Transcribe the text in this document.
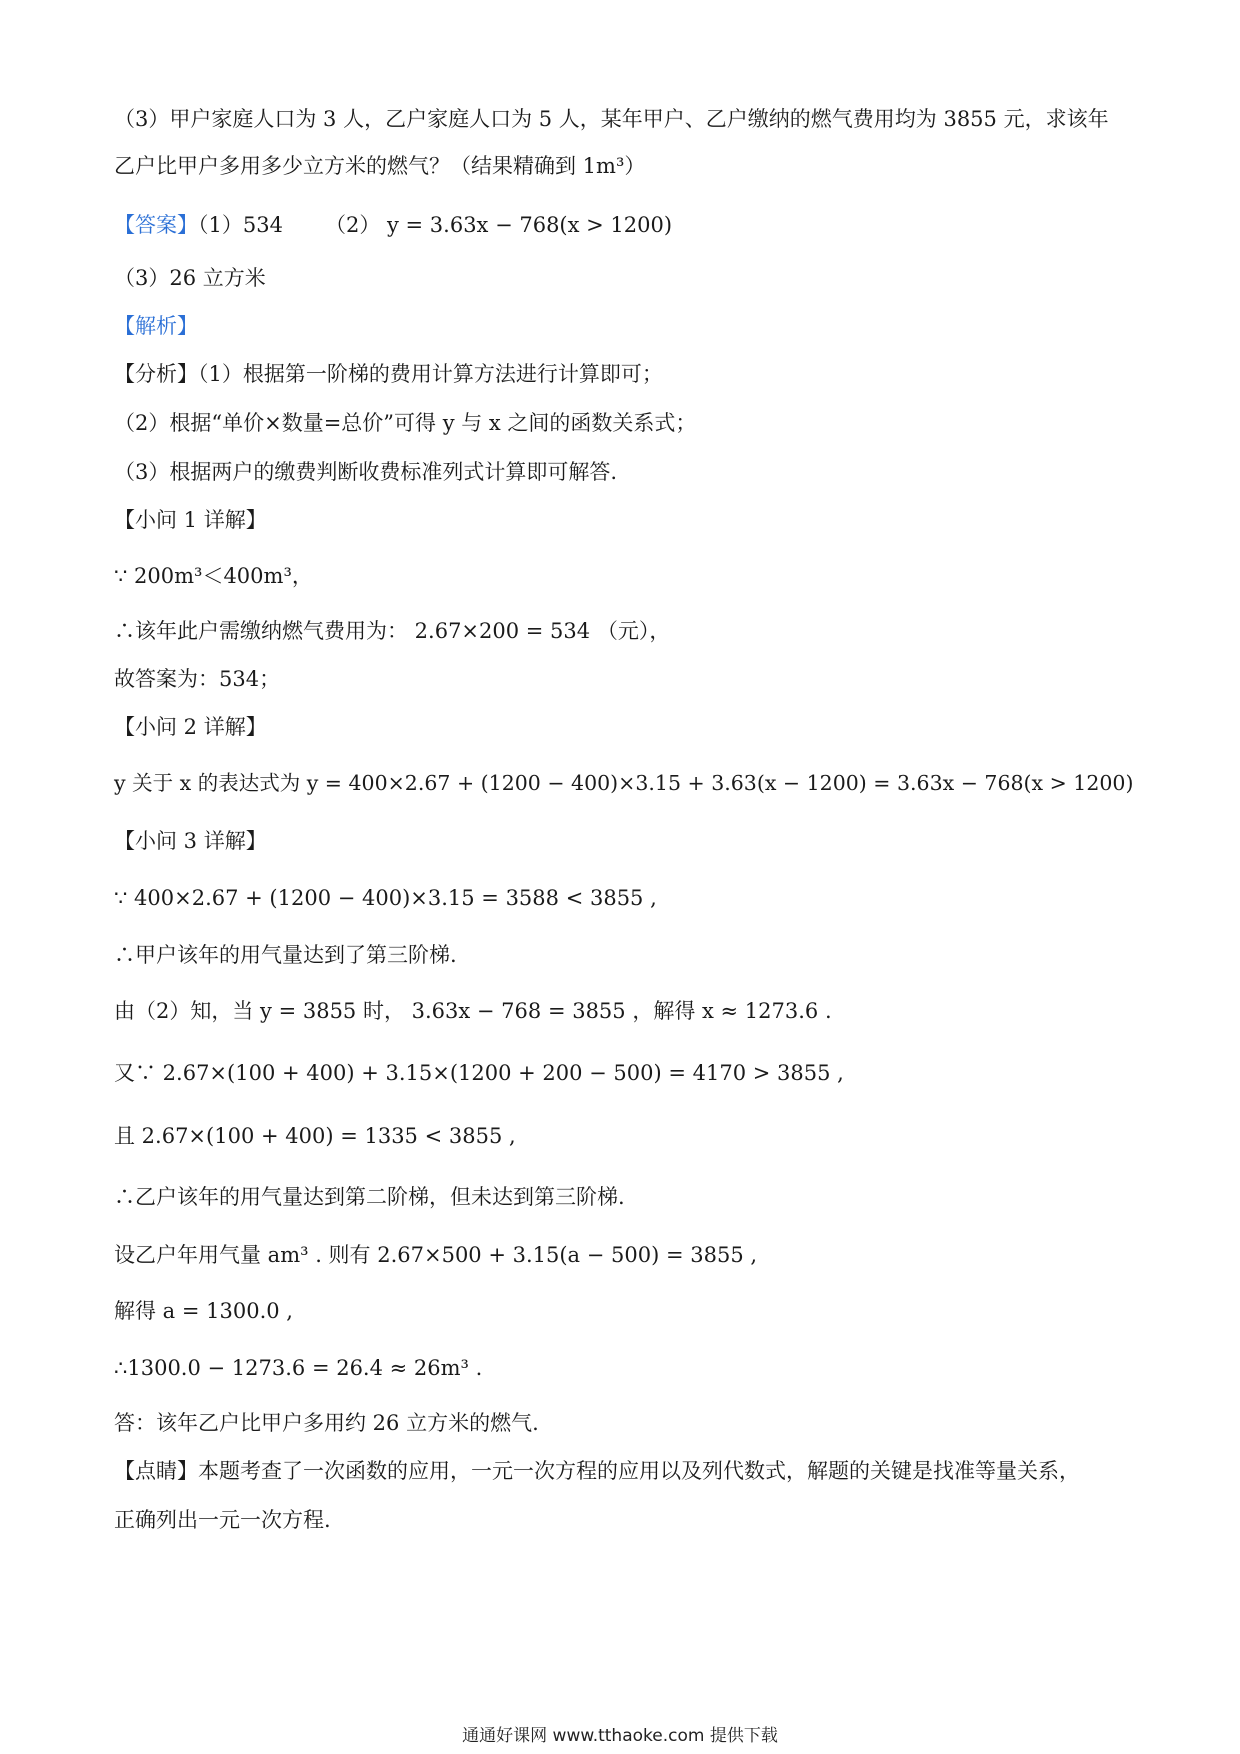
（3）甲户家庭人口为 3 人，乙户家庭人口为 5 人，某年甲户、乙户缴纳的燃气费用均为 3855 元，求该年
乙户比甲户多用多少立方米的燃气？（结果精确到 1m³）
【答案】（1）534 （2） y = 3.63x − 768(x > 1200)
（3）26 立方米
【解析】
【分析】（1）根据第一阶梯的费用计算方法进行计算即可；
（2）根据“单价×数量=总价”可得 y 与 x 之间的函数关系式；
（3）根据两户的缴费判断收费标准列式计算即可解答.
【小问 1 详解】
∵ 200m³＜400m³，
∴该年此户需缴纳燃气费用为： 2.67×200 = 534 （元），
故答案为：534；
【小问 2 详解】
y 关于 x 的表达式为 y = 400×2.67 + (1200 − 400)×3.15 + 3.63(x − 1200) = 3.63x − 768(x > 1200)
【小问 3 详解】
∵ 400×2.67 + (1200 − 400)×3.15 = 3588 < 3855 ,
∴甲户该年的用气量达到了第三阶梯.
由（2）知，当 y = 3855 时， 3.63x − 768 = 3855 ，解得 x ≈ 1273.6 .
又∵ 2.67×(100 + 400) + 3.15×(1200 + 200 − 500) = 4170 > 3855 ,
且 2.67×(100 + 400) = 1335 < 3855 ,
∴乙户该年的用气量达到第二阶梯，但未达到第三阶梯.
设乙户年用气量 am³ . 则有 2.67×500 + 3.15(a − 500) = 3855 ,
解得 a = 1300.0 ,
∴1300.0 − 1273.6 = 26.4 ≈ 26m³ .
答：该年乙户比甲户多用约 26 立方米的燃气.
【点睛】本题考查了一次函数的应用，一元一次方程的应用以及列代数式，解题的关键是找准等量关系，
正确列出一元一次方程.
通通好课网 www.tthaoke.com 提供下载
